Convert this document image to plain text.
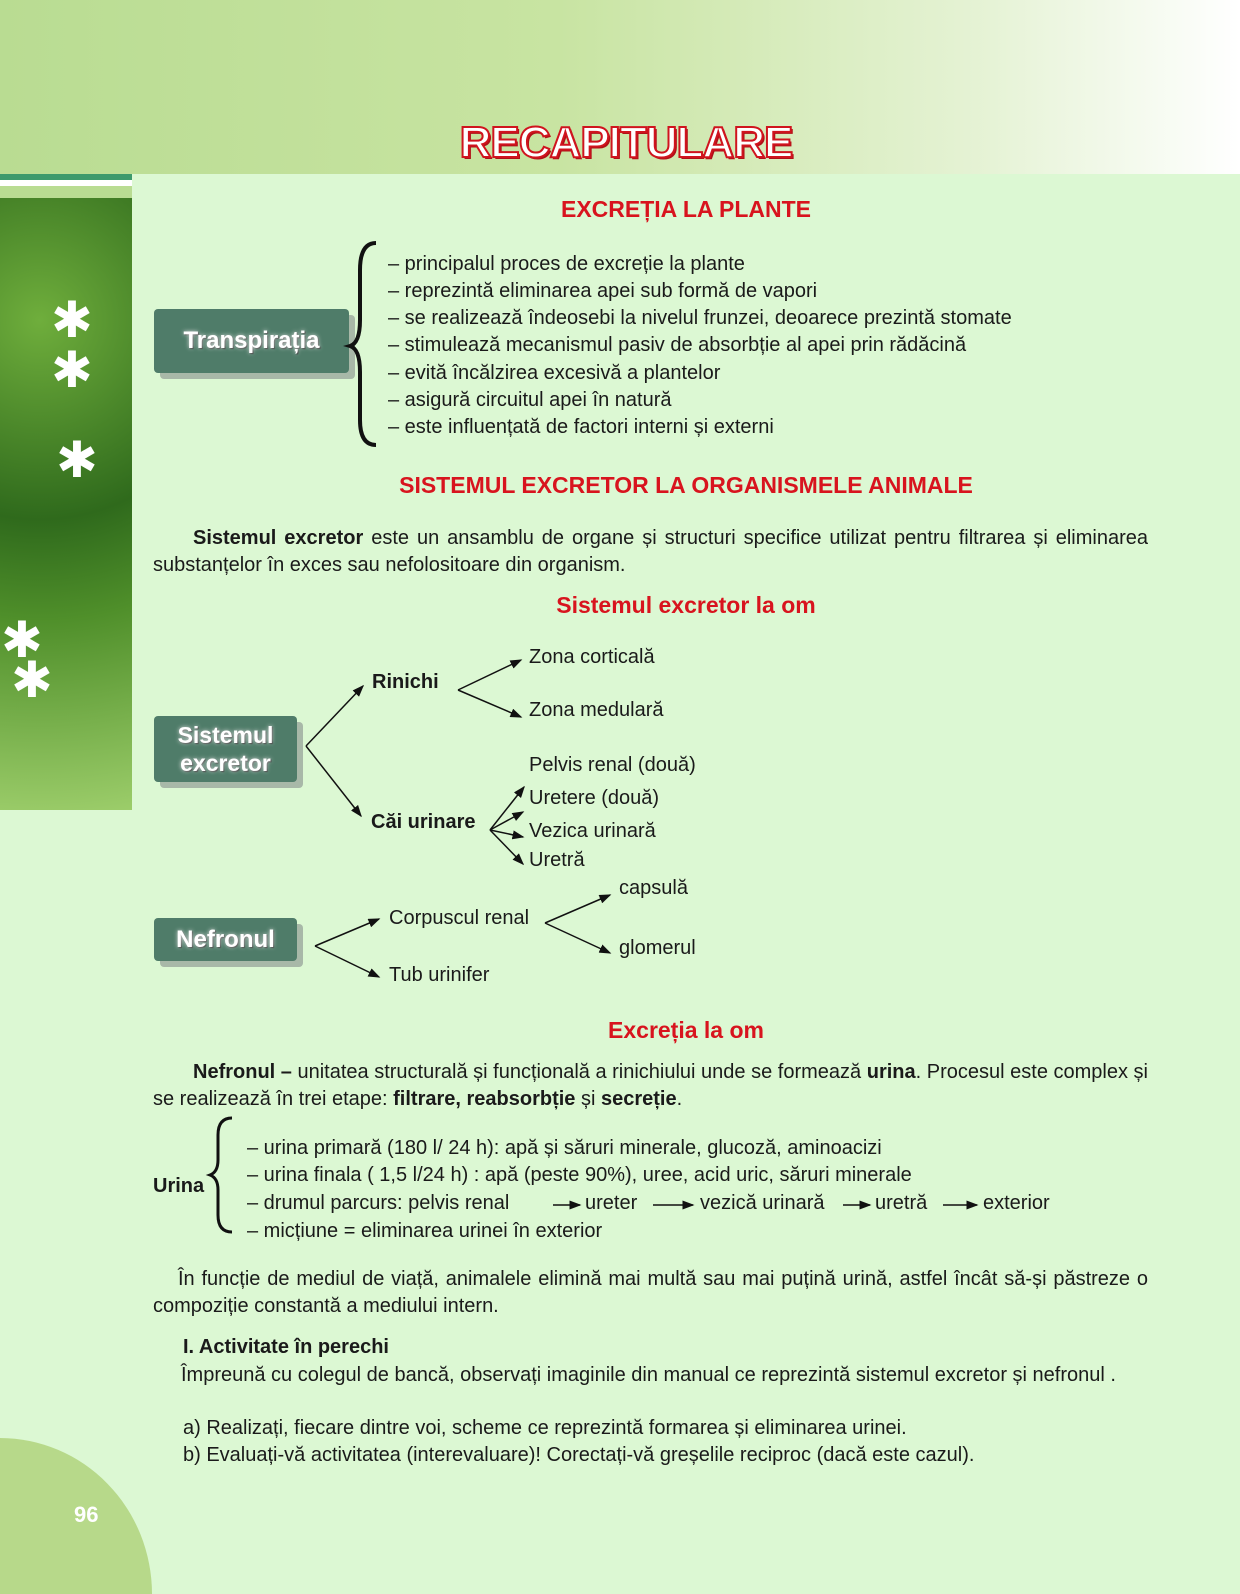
RECAPITULARE
✱
✱
✱
✱
✱
96
EXCREȚIA LA PLANTE
Transpirația
– principalul proces de excreție la plante
– reprezintă eliminarea apei sub formă de vapori
– se realizează îndeosebi la nivelul frunzei, deoarece prezintă stomate
– stimulează mecanismul pasiv de absorbție al apei prin rădăcină
– evită încălzirea excesivă a plantelor
– asigură circuitul apei în natură
– este influențată de factori interni și externi
SISTEMUL EXCRETOR LA ORGANISMELE ANIMALE
Sistemul excretor este un ansamblu de organe și structuri specifice utilizat pentru filtrarea și eliminarea substanțelor în exces sau nefolositoare din organism.
Sistemul excretor la om
Sistemul excretor
Rinichi
Zona corticală
Zona medulară
Căi urinare
Pelvis renal (două)
Uretere (două)
Vezica urinară
Uretră
Nefronul
Corpuscul renal
capsulă
glomerul
Tub urinifer
Excreția la om
Nefronul – unitatea structurală și funcțională a rinichiului unde se formează urina. Procesul este complex și se realizează în trei etape: filtrare, reabsorbție și secreție.
Urina
– urina primară (180 l/ 24 h): apă și săruri minerale, glucoză, aminoacizi
– urina finala ( 1,5 l/24 h) : apă (peste 90%), uree, acid uric, săruri minerale
– drumul parcurs: pelvis renal	ureter	vezică urinară	uretră	exterior
– micțiune = eliminarea urinei în exterior
În funcție de mediul de viață, animalele elimină mai multă sau mai puțină urină, astfel încât să-și păstreze o compoziție constantă a mediului intern.
I. Activitate în perechi
Împreună cu colegul de bancă, observați imaginile din manual ce reprezintă sistemul excretor și nefronul .
a) Realizați, fiecare dintre voi, scheme ce reprezintă formarea și eliminarea urinei.
b) Evaluați-vă activitatea (interevaluare)! Corectați-vă greșelile reciproc (dacă este cazul).
